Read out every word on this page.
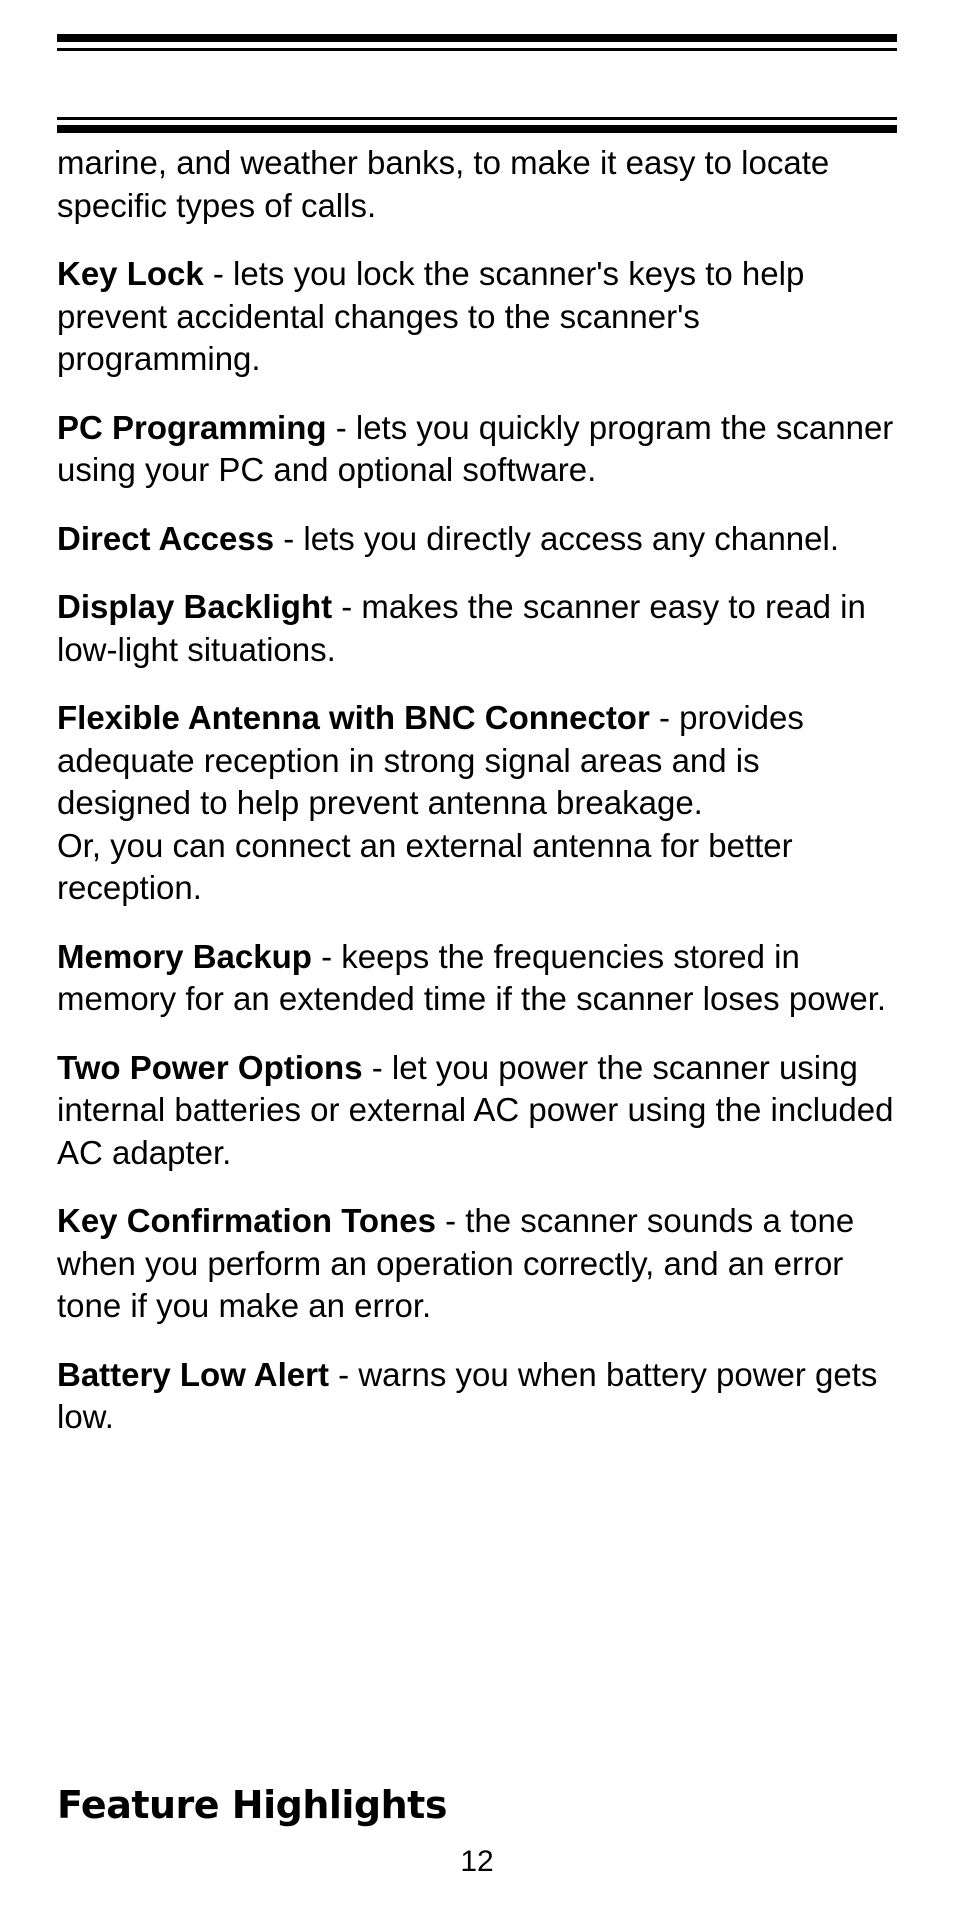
marine, and weather banks, to make it easy to locate specific types of calls.

Key Lock - lets you lock the scanner's keys to help prevent accidental changes to the scanner's programming.

PC Programming - lets you quickly program the scanner using your PC and optional software.

Direct Access - lets you directly access any channel.

Display Backlight - makes the scanner easy to read in low-light situations.

Flexible Antenna with BNC Connector - provides adequate reception in strong signal areas and is designed to help prevent antenna breakage.
Or, you can connect an external antenna for better reception.

Memory Backup - keeps the frequencies stored in memory for an extended time if the scanner loses power.

Two Power Options - let you power the scanner using internal batteries or external AC power using the included AC adapter.

Key Confirmation Tones - the scanner sounds a tone when you perform an operation correctly, and an error tone if you make an error.

Battery Low Alert - warns you when battery power gets low.

Feature Highlights
12
